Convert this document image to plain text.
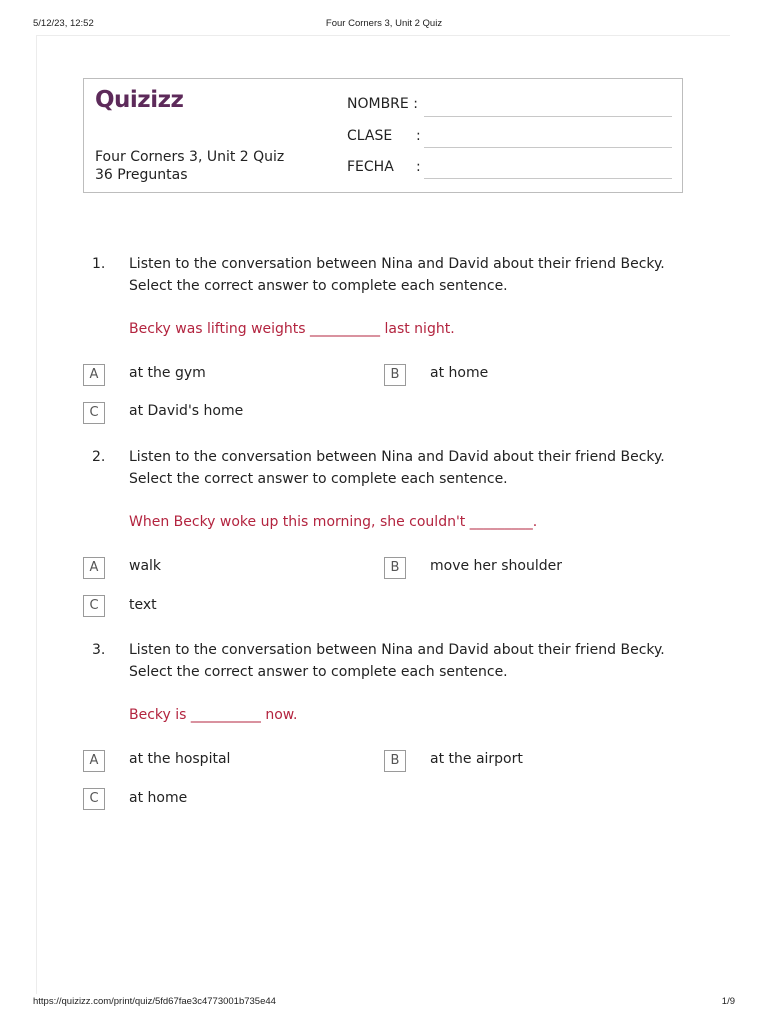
5/12/23, 12:52	Four Corners 3, Unit 2 Quiz
Quizizz
Four Corners 3, Unit 2 Quiz
36 Preguntas
NOMBRE :
CLASE :
FECHA :
1. Listen to the conversation between Nina and David about their friend Becky.
Select the correct answer to complete each sentence.
Becky was lifting weights __________ last night.
A	at the gym	B	at home
C	at David's home
2. Listen to the conversation between Nina and David about their friend Becky.
Select the correct answer to complete each sentence.
When Becky woke up this morning, she couldn't _________.
A	walk	B	move her shoulder
C	text
3. Listen to the conversation between Nina and David about their friend Becky.
Select the correct answer to complete each sentence.
Becky is __________ now.
A	at the hospital	B	at the airport
C	at home
https://quizizz.com/print/quiz/5fd67fae3c4773001b735e44	1/9
